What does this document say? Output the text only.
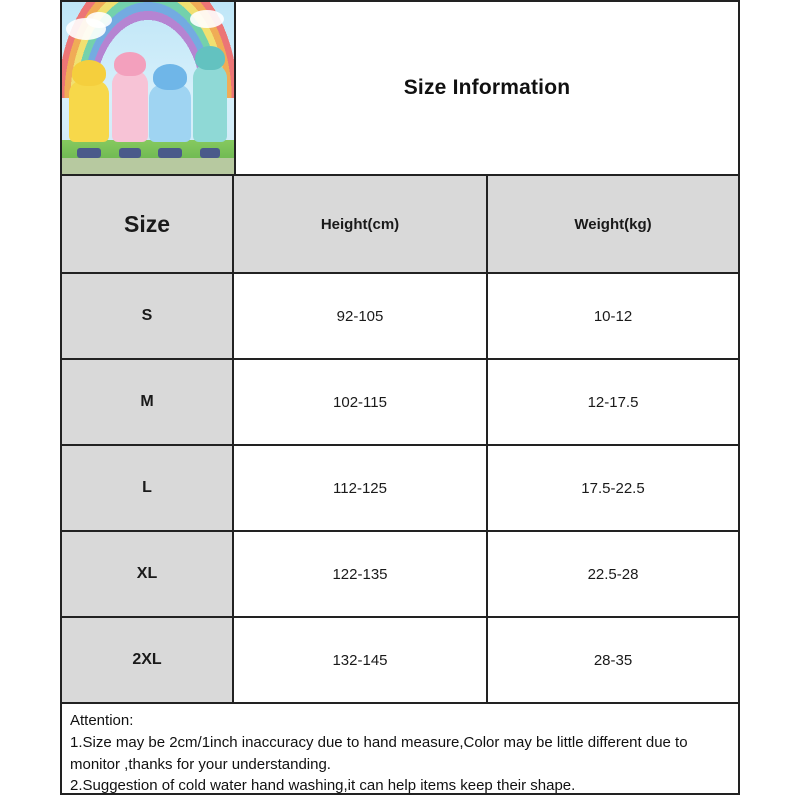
Size Information
Size	Height(cm)	Weight(kg)
S	92-105	10-12
M	102-115	12-17.5
L	112-125	17.5-22.5
XL	122-135	22.5-28
2XL	132-145	28-35
Attention:
1.Size may be 2cm/1inch inaccuracy due to hand measure,Color may be little different due to monitor ,thanks for your understanding.
2.Suggestion of cold water hand washing,it can help items keep their shape.
